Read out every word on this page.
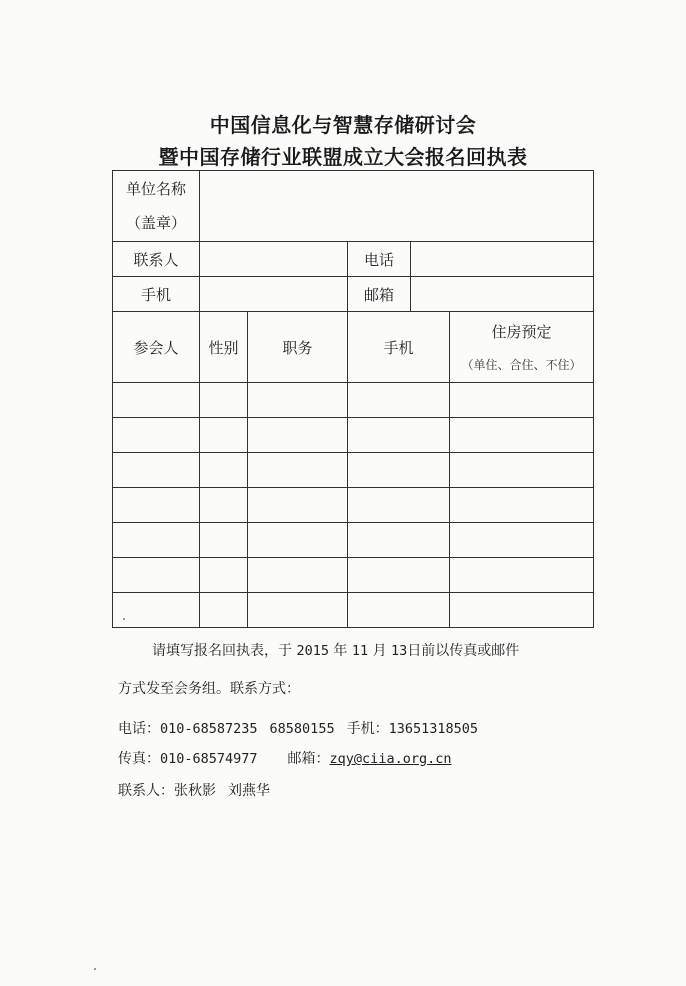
中国信息化与智慧存储研讨会
暨中国存储行业联盟成立大会报名回执表
单位名称
（盖章）					

联系人			电话		
手机			邮箱		
参会人	性别	职务	手机		住房预定
（单住、合住、不住）

请填写报名回执表，于 2015 年 11 月 13日前以传真或邮件
方式发至会务组。联系方式：
电话：010-68587235 68580155 手机：13651318505
传真：010-68574977 邮箱：zqy@ciia.org.cn
联系人：张秋影 刘燕华
